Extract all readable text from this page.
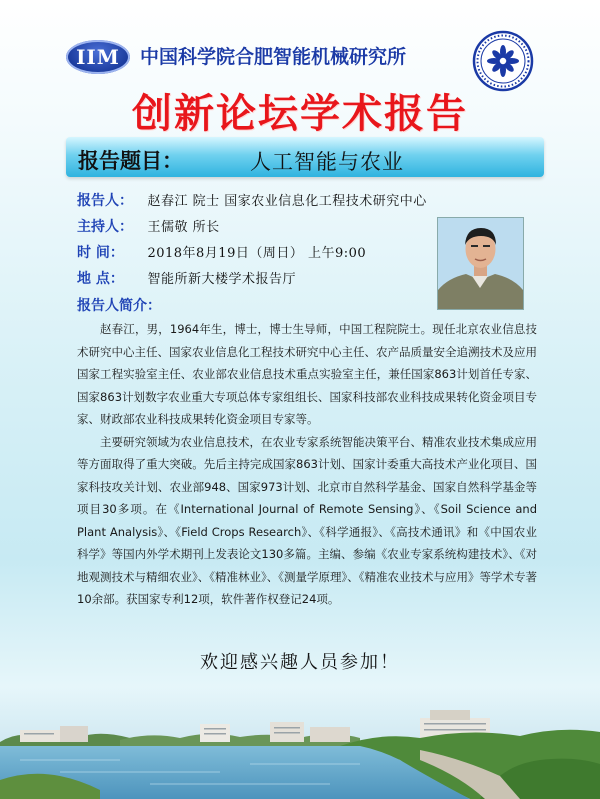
IIM	中国科学院合肥智能机械研究所
创新论坛学术报告
报告题目：	人工智能与农业
报告人： 赵春江 院士 国家农业信息化工程技术研究中心
主持人： 王儒敬 所长
时 间： 2018年8月19日（周日） 上午9:00
地 点： 智能所新大楼学术报告厅
报告人简介：

赵春江，男，1964年生，博士，博士生导师，中国工程院院士。现任北京农业信息技术研究中心主任、国家农业信息化工程技术研究中心主任、农产品质量安全追溯技术及应用国家工程实验室主任、农业部农业信息技术重点实验室主任，兼任国家863计划首任专家、国家863计划数字农业重大专项总体专家组组长、国家科技部农业科技成果转化资金项目专家、财政部农业科技成果转化资金项目专家等。

主要研究领域为农业信息技术，在农业专家系统智能决策平台、精准农业技术集成应用等方面取得了重大突破。先后主持完成国家863计划、国家计委重大高技术产业化项目、国家科技攻关计划、农业部948、国家973计划、北京市自然科学基金、国家自然科学基金等项目30多项。在《International Journal of Remote Sensing》、《Soil Science and Plant Analysis》、《Field Crops Research》、《科学通报》、《高技术通讯》和《中国农业科学》等国内外学术期刊上发表论文130多篇。主编、参编《农业专家系统构建技术》、《对地观测技术与精细农业》、《精准林业》、《测量学原理》、《精准农业技术与应用》等学术专著10余部。获国家专利12项，软件著作权登记24项。

欢迎感兴趣人员参加！
